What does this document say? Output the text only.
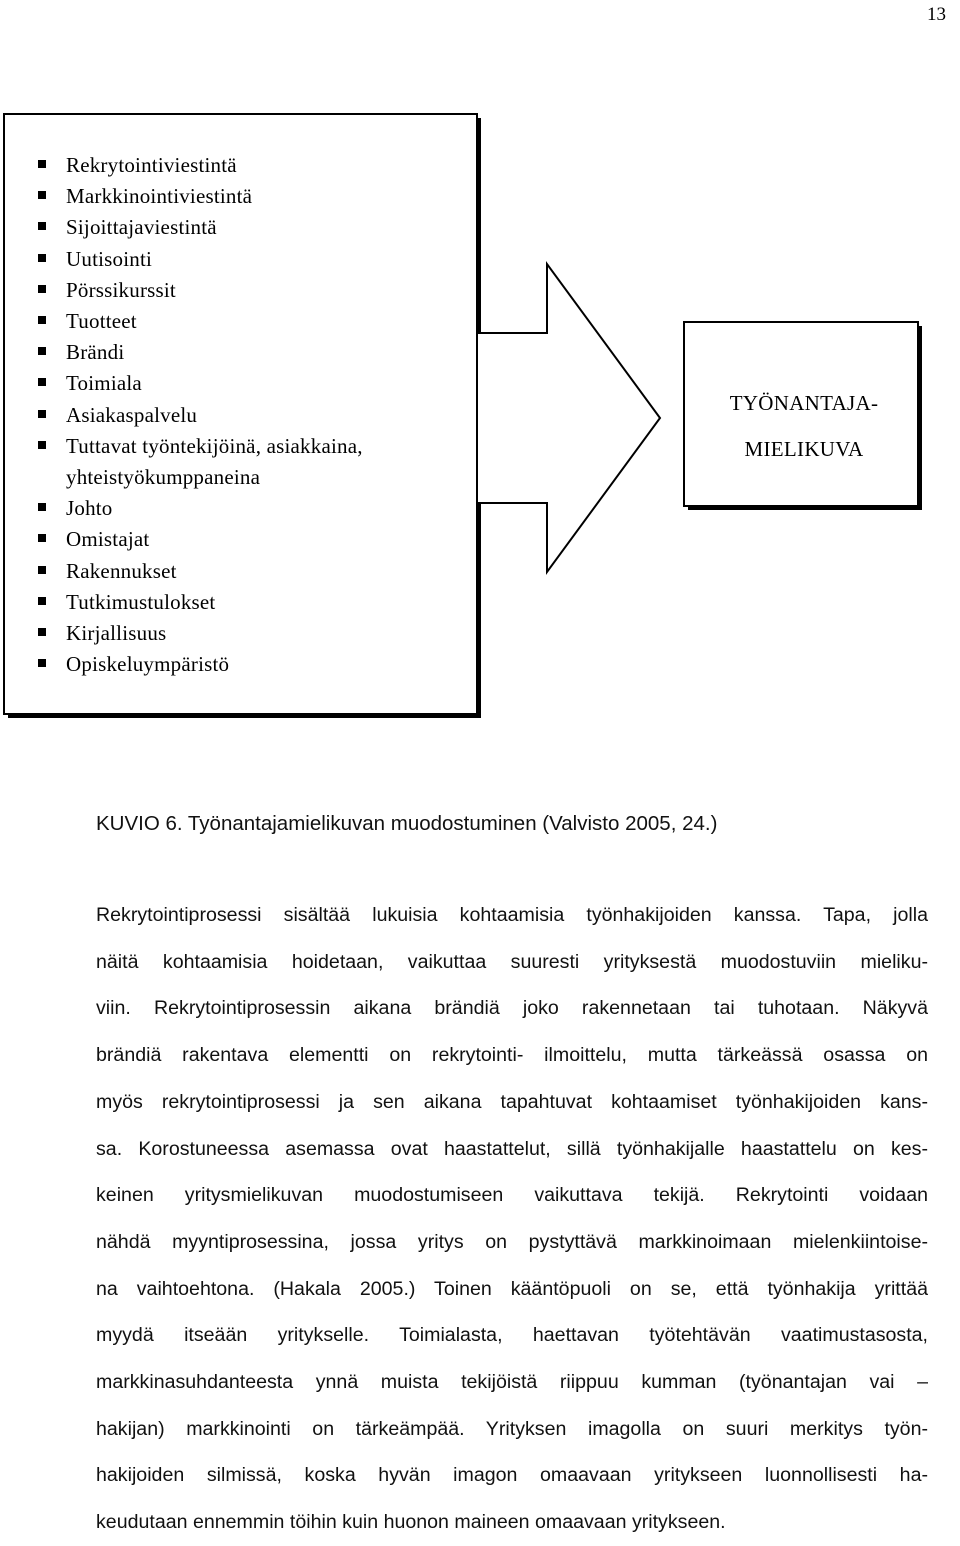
13
Rekrytointiviestintä
Markkinointiviestintä
Sijoittajaviestintä
Uutisointi
Pörssikurssit
Tuotteet
Brändi
Toimiala
Asiakaspalvelu
Tuttavat työntekijöinä, asiakkaina,
yhteistyökumppaneina
Johto
Omistajat
Rakennukset
Tutkimustulokset
Kirjallisuus
Opiskeluympäristö
TYÖNANTAJA-
MIELIKUVA
KUVIO 6. Työnantajamielikuvan muodostuminen (Valvisto 2005, 24.)

Rekrytointiprosessi sisältää lukuisia kohtaamisia työnhakijoiden kanssa. Tapa, jolla
näitä kohtaamisia hoidetaan, vaikuttaa suuresti yrityksestä muodostuviin mieliku-
viin. Rekrytointiprosessin aikana brändiä joko rakennetaan tai tuhotaan. Näkyvä
brändiä rakentava elementti on rekrytointi- ilmoittelu, mutta tärkeässä osassa on
myös rekrytointiprosessi ja sen aikana tapahtuvat kohtaamiset työnhakijoiden kans-
sa. Korostuneessa asemassa ovat haastattelut, sillä työnhakijalle haastattelu on kes-
keinen yritysmielikuvan muodostumiseen vaikuttava tekijä. Rekrytointi voidaan
nähdä myyntiprosessina, jossa yritys on pystyttävä markkinoimaan mielenkiintoise-
na vaihtoehtona. (Hakala 2005.) Toinen kääntöpuoli on se, että työnhakija yrittää
myydä itseään yritykselle. Toimialasta, haettavan työtehtävän vaatimustasosta,
markkinasuhdanteesta ynnä muista tekijöistä riippuu kumman (työnantajan vai –
hakijan) markkinointi on tärkeämpää. Yrityksen imagolla on suuri merkitys työn-
hakijoiden silmissä, koska hyvän imagon omaavaan yritykseen luonnollisesti ha-
keudutaan ennemmin töihin kuin huonon maineen omaavaan yritykseen.
